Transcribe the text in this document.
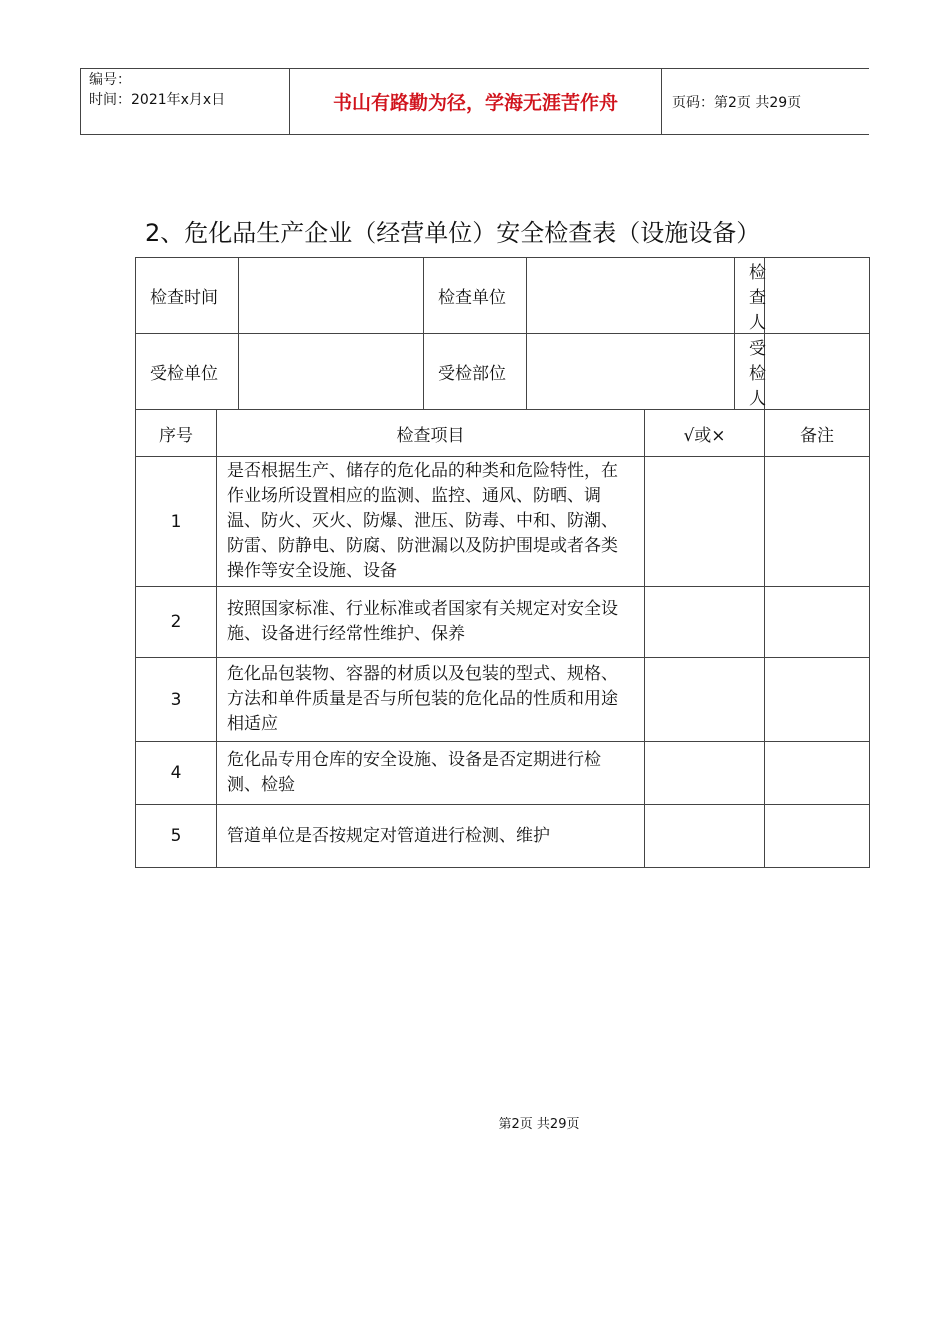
编号：
时间：2021年x月x日	书山有路勤为径，学海无涯苦作舟	页码：第2页 共29页
2、危化品生产企业（经营单位）安全检查表（设施设备）
检查时间			检查单位			检查人	
受检单位			受检部位			受检人	
序号	检查项目				√或×		备注
1	是否根据生产、储存的危化品的种类和危险特性，在作业场所设置相应的监测、监控、通风、防晒、调温、防火、灭火、防爆、泄压、防毒、中和、防潮、防雷、防静电、防腐、防泄漏以及防护围堤或者各类操作等安全设施、设备						
2	按照国家标准、行业标准或者国家有关规定对安全设施、设备进行经常性维护、保养						
3	危化品包装物、容器的材质以及包装的型式、规格、方法和单件质量是否与所包装的危化品的性质和用途相适应						
4	危化品专用仓库的安全设施、设备是否定期进行检测、检验						
5	管道单位是否按规定对管道进行检测、维护						
第2页 共29页
